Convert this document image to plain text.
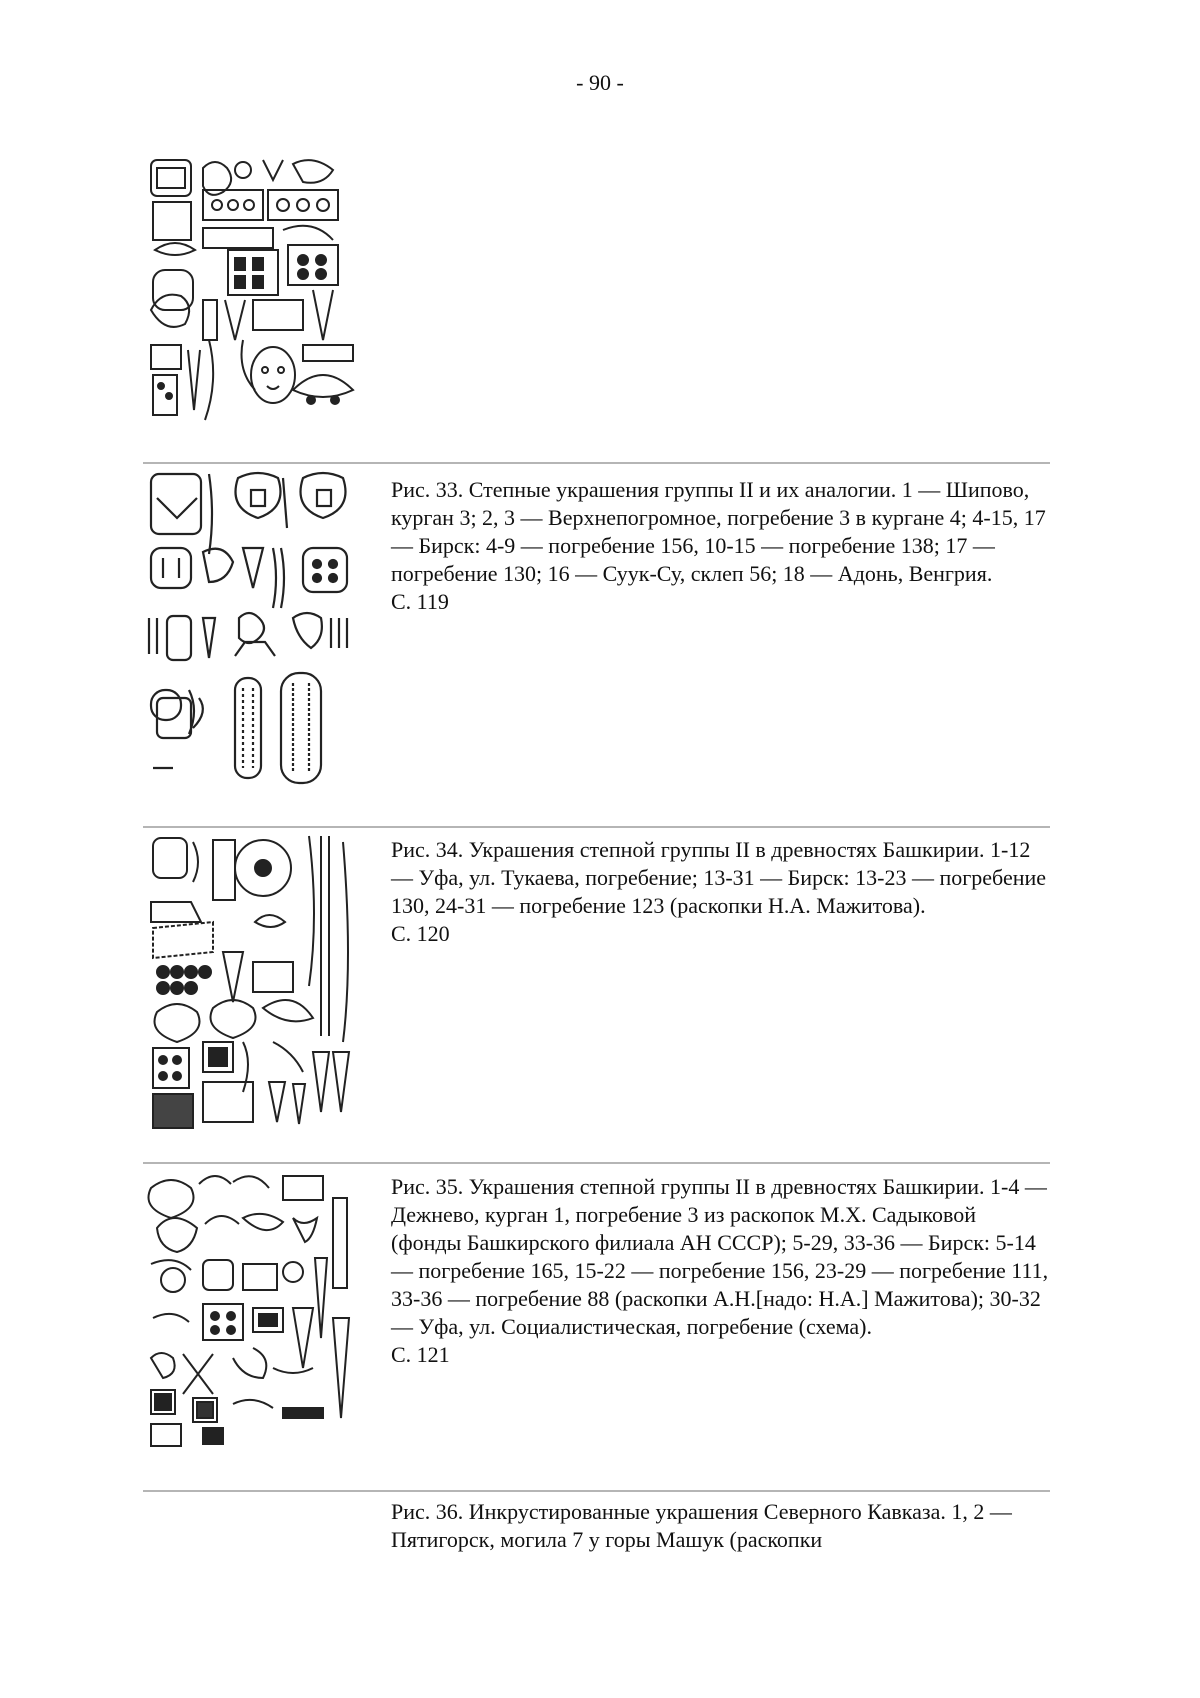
- 90 -

Рис. 33. Степные украшения группы II и их аналогии. 1 — Шипово, курган 3; 2, 3 — Верхнепогромное, погребение 3 в кургане 4; 4-15, 17 — Бирск: 4-9 — погребение 156, 10-15 — погребение 138; 17 — погребение 130; 16 — Суук-Су, склеп 56; 18 — Адонь, Венгрия.

С. 119

Рис. 34. Украшения степной группы II в древностях Башкирии. 1-12 — Уфа, ул. Тукаева, погребение; 13-31 — Бирск: 13-23 — погребение 130, 24-31 — погребение 123 (раскопки Н.А. Мажитова).

С. 120

Рис. 35. Украшения степной группы II в древностях Башкирии. 1-4 — Дежнево, курган 1, погребение 3 из раскопок М.Х. Садыковой (фонды Башкирского филиала АН СССР); 5-29, 33-36 — Бирск: 5-14 — погребение 165, 15-22 — погребение 156, 23-29 — погребение 111, 33-36 — погребение 88 (раскопки А.Н.[надо: Н.А.] Мажитова); 30-32 — Уфа, ул. Социалистическая, погребение (схема).

С. 121

Рис. 36. Инкрустированные украшения Северного Кавказа. 1, 2 — Пятигорск, могила 7 у горы Машук (раскопки
